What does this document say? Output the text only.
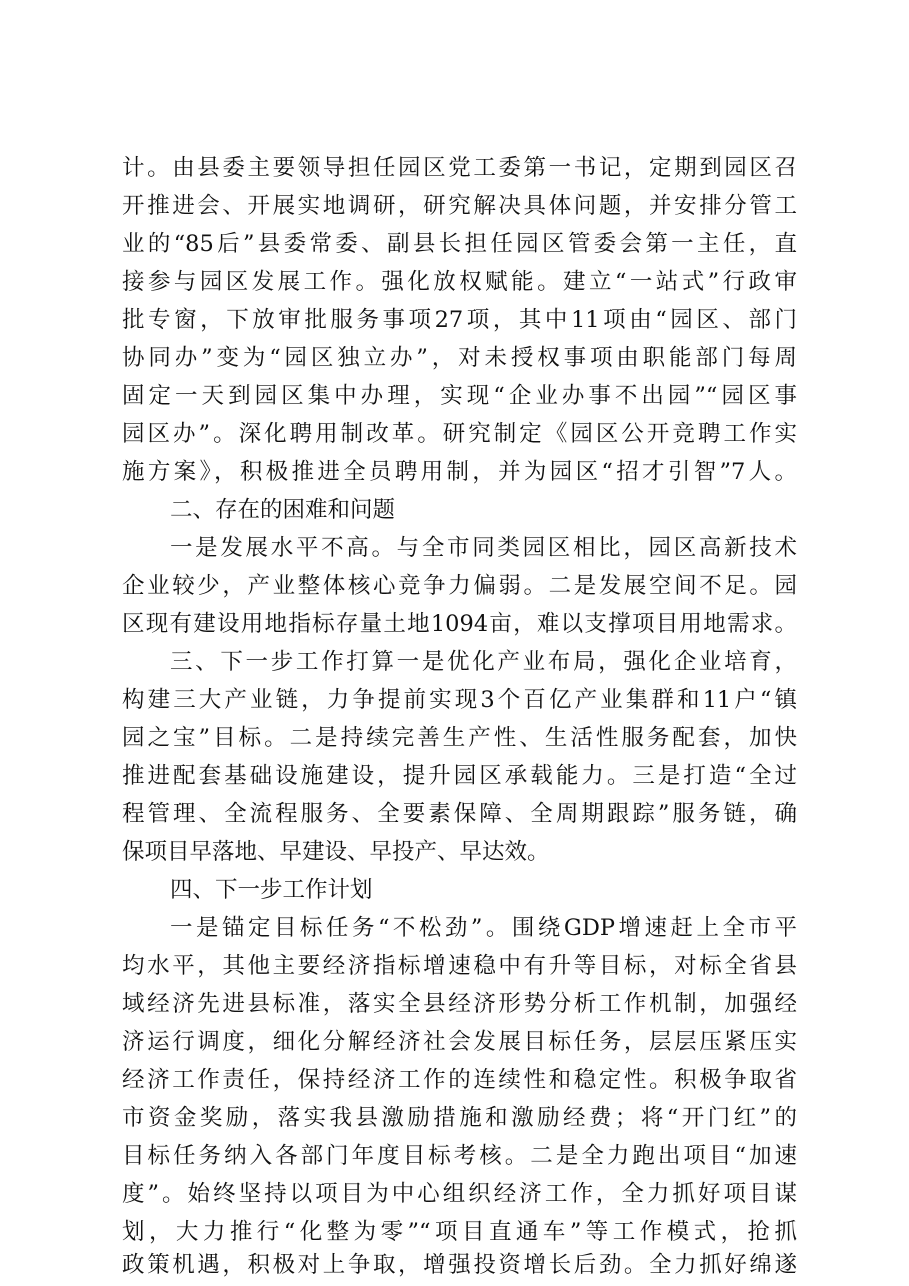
计。由县委主要领导担任园区党工委第一书记，定期到园区召
开推进会、开展实地调研，研究解决具体问题，并安排分管工
业的“85后”县委常委、副县长担任园区管委会第一主任，直
接参与园区发展工作。强化放权赋能。建立“一站式”行政审
批专窗，下放审批服务事项27项，其中11项由“园区、部门
协同办”变为“园区独立办”，对未授权事项由职能部门每周
固定一天到园区集中办理，实现“企业办事不出园”“园区事
园区办”。深化聘用制改革。研究制定《园区公开竞聘工作实
施方案》，积极推进全员聘用制，并为园区“招才引智”7人。
二、存在的困难和问题
一是发展水平不高。与全市同类园区相比，园区高新技术
企业较少，产业整体核心竞争力偏弱。二是发展空间不足。园
区现有建设用地指标存量土地1094亩，难以支撑项目用地需求。
三、下一步工作打算一是优化产业布局，强化企业培育，
构建三大产业链，力争提前实现3个百亿产业集群和11户“镇
园之宝”目标。二是持续完善生产性、生活性服务配套，加快
推进配套基础设施建设，提升园区承载能力。三是打造“全过
程管理、全流程服务、全要素保障、全周期跟踪”服务链，确
保项目早落地、早建设、早投产、早达效。
四、下一步工作计划
一是锚定目标任务“不松劲”。围绕GDP增速赶上全市平
均水平，其他主要经济指标增速稳中有升等目标，对标全省县
域经济先进县标准，落实全县经济形势分析工作机制，加强经
济运行调度，细化分解经济社会发展目标任务，层层压紧压实
经济工作责任，保持经济工作的连续性和稳定性。积极争取省
市资金奖励，落实我县激励措施和激励经费；将“开门红”的
目标任务纳入各部门年度目标考核。二是全力跑出项目“加速
度”。始终坚持以项目为中心组织经济工作，全力抓好项目谋
划，大力推行“化整为零”“项目直通车”等工作模式，抢抓
政策机遇，积极对上争取，增强投资增长后劲。全力抓好绵遂
